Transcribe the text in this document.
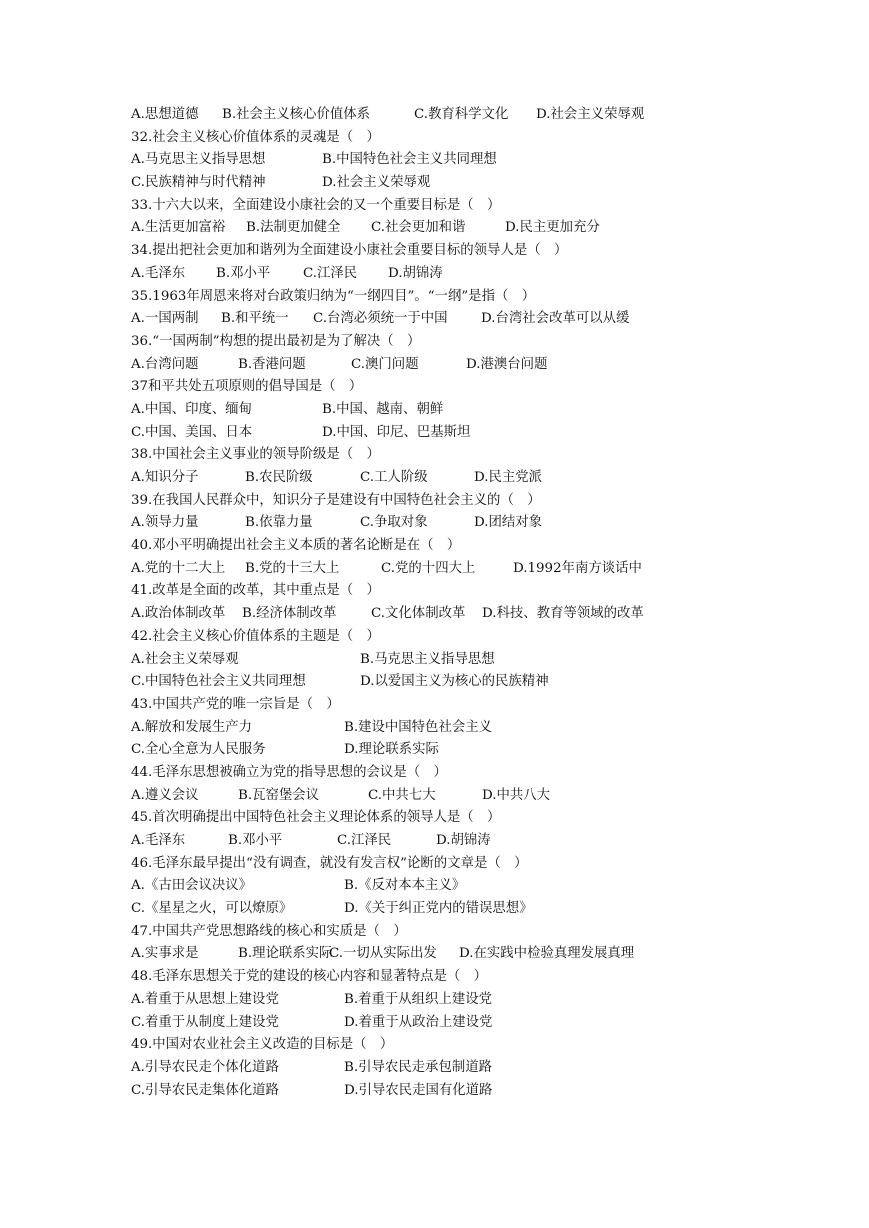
A.思想道德 B.社会主义核心价值体系	C.教育科学文化 D.社会主义荣辱观
32.社会主义核心价值体系的灵魂是（　）
A.马克思主义指导思想	B.中国特色社会主义共同理想
C.民族精神与时代精神	D.社会主义荣辱观
33.十六大以来，全面建设小康社会的又一个重要目标是（　）
A.生活更加富裕 B.法制更加健全 C.社会更加和谐	D.民主更加充分
34.提出把社会更加和谐列为全面建设小康社会重要目标的领导人是（　）
A.毛泽东 B.邓小平 C.江泽民 D.胡锦涛
35.1963年周恩来将对台政策归纳为“一纲四目”。“一纲”是指（　）
A.一国两制 B.和平统一 C.台湾必须统一于中国 D.台湾社会改革可以从缓
36.“一国两制”构想的提出最初是为了解决（　）
A.台湾问题	B.香港问题	C.澳门问题	D.港澳台问题
37和平共处五项原则的倡导国是（　）
A.中国、印度、缅甸	B.中国、越南、朝鲜
C.中国、美国、日本	D.中国、印尼、巴基斯坦
38.中国社会主义事业的领导阶级是（　）
A.知识分子	B.农民阶级	C.工人阶级	D.民主党派
39.在我国人民群众中，知识分子是建设有中国特色社会主义的（　）
A.领导力量	B.依靠力量	C.争取对象	D.团结对象
40.邓小平明确提出社会主义本质的著名论断是在（　）
A.党的十二大上 B.党的十三大上	C.党的十四大上	D.1992年南方谈话中
41.改革是全面的改革，其中重点是（　）
A.政治体制改革 B.经济体制改革	C.文化体制改革 D.科技、教育等领域的改革
42.社会主义核心价值体系的主题是（　）
A.社会主义荣辱观	B.马克思主义指导思想
C.中国特色社会主义共同理想	D.以爱国主义为核心的民族精神
43.中国共产党的唯一宗旨是（　）
A.解放和发展生产力	B.建设中国特色社会主义
C.全心全意为人民服务	D.理论联系实际
44.毛泽东思想被确立为党的指导思想的会议是（　）
A.遵义会议	B.瓦窑堡会议	C.中共七大	D.中共八大
45.首次明确提出中国特色社会主义理论体系的领导人是（　）
A.毛泽东	B.邓小平	C.江泽民	D.胡锦涛
46.毛泽东最早提出“没有调查，就没有发言权”论断的文章是（　）
A.《古田会议决议》	B.《反对本本主义》
C.《星星之火，可以燎原》	D.《关于纠正党内的错误思想》
47.中国共产党思想路线的核心和实质是（　）
A.实事求是	B.理论联系实际
C.一切从实际出发 D.在实践中检验真理发展真理
48.毛泽东思想关于党的建设的核心内容和显著特点是（　）
A.着重于从思想上建设党	B.着重于从组织上建设党
C.着重于从制度上建设党	D.着重于从政治上建设党
49.中国对农业社会主义改造的目标是（　）
A.引导农民走个体化道路	B.引导农民走承包制道路
C.引导农民走集体化道路	D.引导农民走国有化道路
